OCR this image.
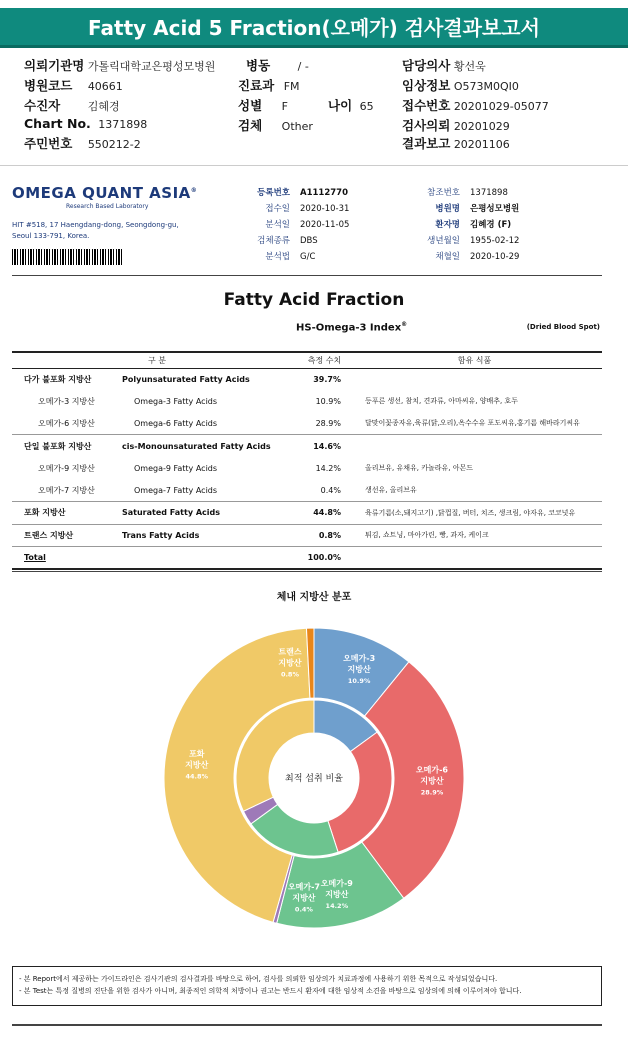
Fatty Acid 5 Fraction(오메가) 검사결과보고서
의뢰기관명 가톨릭대학교은평성모병원
병원코드 40661
수진자	김혜경
Chart No. 1371898
주민번호 550212-2
병동	/ -
진료과 FM
성별 F	나이 65
검체 Other
담당의사 황선욱
임상정보 O573M0QI0
접수번호 20201029-05077
검사의뢰 20201029
결과보고 20201106
OMEGA QUANT ASIA®
Research Based Laboratory
HIT #518, 17 Haengdang-dong, Seongdong-gu,
Seoul 133-791, Korea.
등록번호 A1112770
접수일 2020-10-31
분석일 2020-11-05
검체종류 DBS
분석법 G/C
참조번호 1371898
병원명 은평성모병원
환자명 김혜경 (F)
생년월일 1955-02-12
채혈일 2020-10-29
Fatty Acid Fraction
HS-Omega-3 Index®	(Dried Blood Spot)
구 분		측정 수치	함유 식품
다가 불포화 지방산	Polyunsaturated Fatty Acids	39.7%	
오메가-3 지방산	Omega-3 Fatty Acids	10.9%	등푸른 생선, 참치, 견과류, 아마씨유, 양배추, 호두
오메가-6 지방산	Omega-6 Fatty Acids	28.9%	달맞이꽃종자유,육류(닭,오리),옥수수유 포도씨유,홍기름 해바라기씨유
단일 불포화 지방산	cis-Monounsaturated Fatty Acids	14.6%	
오메가-9 지방산	Omega-9 Fatty Acids	14.2%	올리브유, 유채유, 카놀라유, 아몬드
오메가-7 지방산	Omega-7 Fatty Acids	0.4%	생선유, 올리브유
포화 지방산	Saturated Fatty Acids	44.8%	육류기름(소,돼지고기) ,닭껍질, 버터, 치즈, 생크림, 야자유, 코코넛유
트랜스 지방산	Trans Fatty Acids	0.8%	튀김, 쇼트닝, 마아가린, 빵, 과자, 케이크
Total		100.0%	
체내 지방산 분포
최적 섭취 비율
오메가-3
지방산
10.9%
오메가-6
지방산
28.9%
오메가-9
지방산
14.2%
오메가-7
지방산
0.4%
포화
지방산
44.8%
트랜스
지방산
0.8%
- 본 Report에서 제공하는 가이드라인은 검사기관의 검사결과를 바탕으로 하여, 검사를 의뢰한 임상의가 치료과정에 사용하기 위한 목적으로 작성되었습니다.
- 본 Test는 특정 질병의 진단을 위한 검사가 아니며, 최종적인 의학적 처방이나 권고는 반드시 환자에 대한 임상적 소견을 바탕으로 임상의에 의해 이루어져야 합니다.
